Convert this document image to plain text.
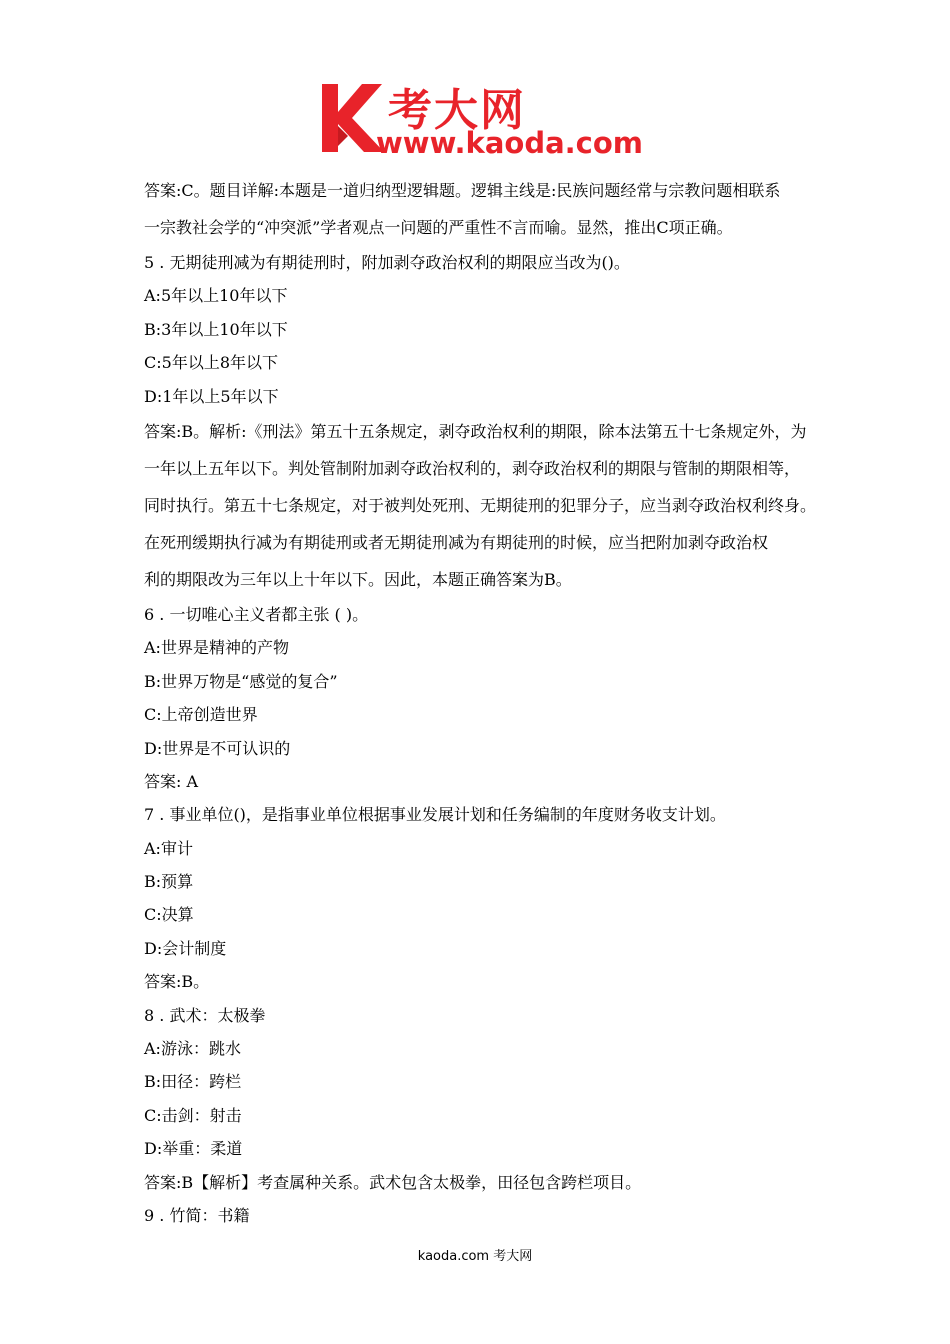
考大网
www.kaoda.com
答案:C。题目详解:本题是一道归纳型逻辑题。逻辑主线是:民族问题经常与宗教问题相联系
一宗教社会学的“冲突派”学者观点一问题的严重性不言而喻。显然，推出C项正确。
5 . 无期徒刑减为有期徒刑时，附加剥夺政治权利的期限应当改为()。
A:5年以上10年以下
B:3年以上10年以下
C:5年以上8年以下
D:1年以上5年以下
答案:B。解析:《刑法》第五十五条规定，剥夺政治权利的期限，除本法第五十七条规定外，为
一年以上五年以下。判处管制附加剥夺政治权利的，剥夺政治权利的期限与管制的期限相等，
同时执行。第五十七条规定，对于被判处死刑、无期徒刑的犯罪分子，应当剥夺政治权利终身。
在死刑缓期执行减为有期徒刑或者无期徒刑减为有期徒刑的时候，应当把附加剥夺政治权
利的期限改为三年以上十年以下。因此，本题正确答案为B。
6 . 一切唯心主义者都主张 ( )。
A:世界是精神的产物
B:世界万物是“感觉的复合”
C:上帝创造世界
D:世界是不可认识的
答案: A
7 . 事业单位()，是指事业单位根据事业发展计划和任务编制的年度财务收支计划。
A:审计
B:预算
C:决算
D:会计制度
答案:B。
8 . 武术：太极拳
A:游泳：跳水
B:田径：跨栏
C:击剑：射击
D:举重：柔道
答案:B【解析】考查属种关系。武术包含太极拳，田径包含跨栏项目。
9 . 竹简：书籍
kaoda.com 考大网
